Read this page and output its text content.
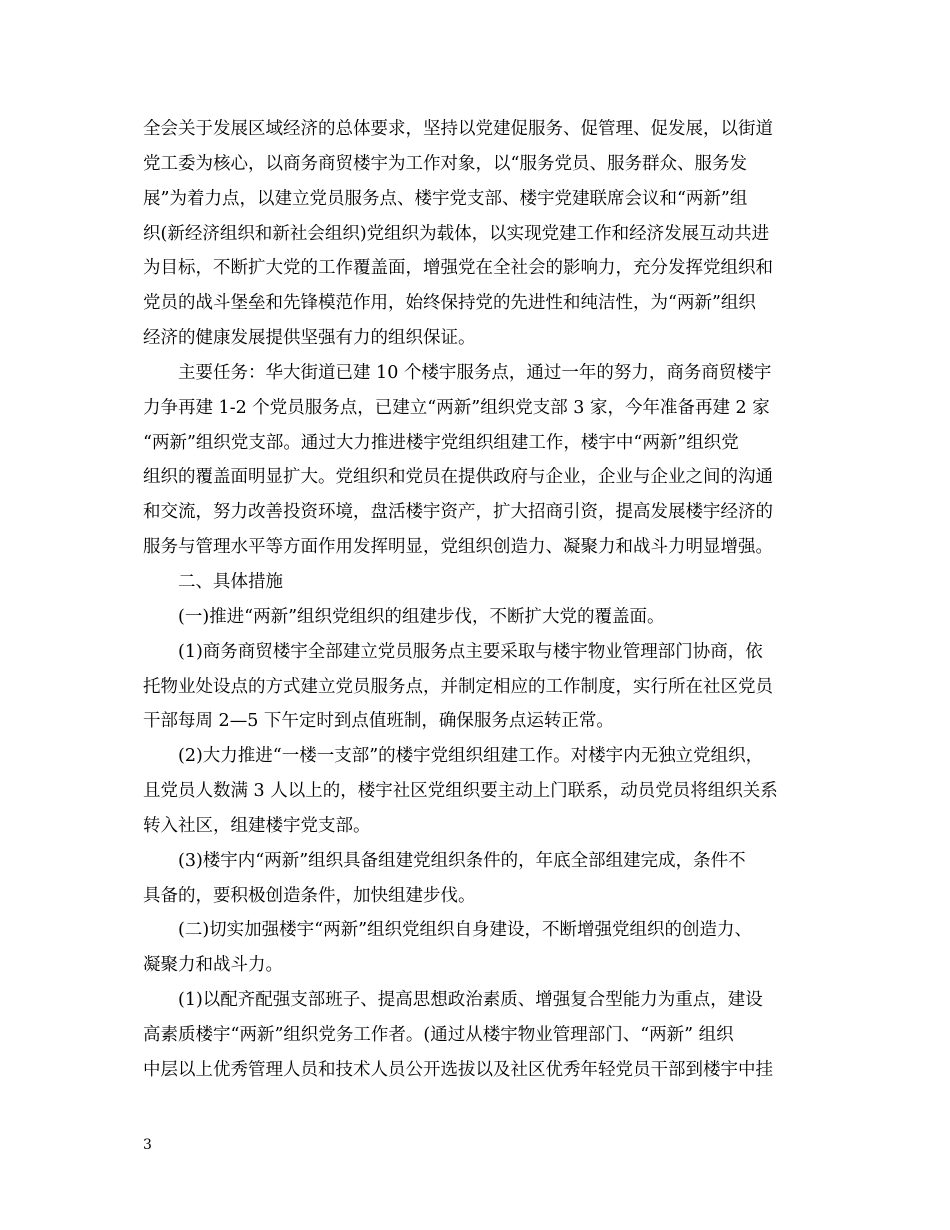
全会关于发展区域经济的总体要求，坚持以党建促服务、促管理、促发展，以街道
党工委为核心，以商务商贸楼宇为工作对象，以“服务党员、服务群众、服务发
展”为着力点，以建立党员服务点、楼宇党支部、楼宇党建联席会议和“两新”组
织(新经济组织和新社会组织)党组织为载体，以实现党建工作和经济发展互动共进
为目标，不断扩大党的工作覆盖面，增强党在全社会的影响力，充分发挥党组织和
党员的战斗堡垒和先锋模范作用，始终保持党的先进性和纯洁性，为“两新”组织
经济的健康发展提供坚强有力的组织保证。
主要任务：华大街道已建 10 个楼宇服务点，通过一年的努力，商务商贸楼宇
力争再建 1-2 个党员服务点，已建立“两新”组织党支部 3 家，今年准备再建 2 家
“两新”组织党支部。通过大力推进楼宇党组织组建工作，楼宇中“两新”组织党
组织的覆盖面明显扩大。党组织和党员在提供政府与企业，企业与企业之间的沟通
和交流，努力改善投资环境，盘活楼宇资产，扩大招商引资，提高发展楼宇经济的
服务与管理水平等方面作用发挥明显，党组织创造力、凝聚力和战斗力明显增强。
二、具体措施
(一)推进“两新”组织党组织的组建步伐，不断扩大党的覆盖面。
(1)商务商贸楼宇全部建立党员服务点主要采取与楼宇物业管理部门协商，依
托物业处设点的方式建立党员服务点，并制定相应的工作制度，实行所在社区党员
干部每周 2—5 下午定时到点值班制，确保服务点运转正常。
(2)大力推进“一楼一支部”的楼宇党组织组建工作。对楼宇内无独立党组织，
且党员人数满 3 人以上的，楼宇社区党组织要主动上门联系，动员党员将组织关系
转入社区，组建楼宇党支部。
(3)楼宇内“两新”组织具备组建党组织条件的，年底全部组建完成，条件不
具备的，要积极创造条件，加快组建步伐。
(二)切实加强楼宇“两新”组织党组织自身建设，不断增强党组织的创造力、
凝聚力和战斗力。
(1)以配齐配强支部班子、提高思想政治素质、增强复合型能力为重点，建设
高素质楼宇“两新”组织党务工作者。(通过从楼宇物业管理部门、“两新” 组织
中层以上优秀管理人员和技术人员公开选拔以及社区优秀年轻党员干部到楼宇中挂
3
